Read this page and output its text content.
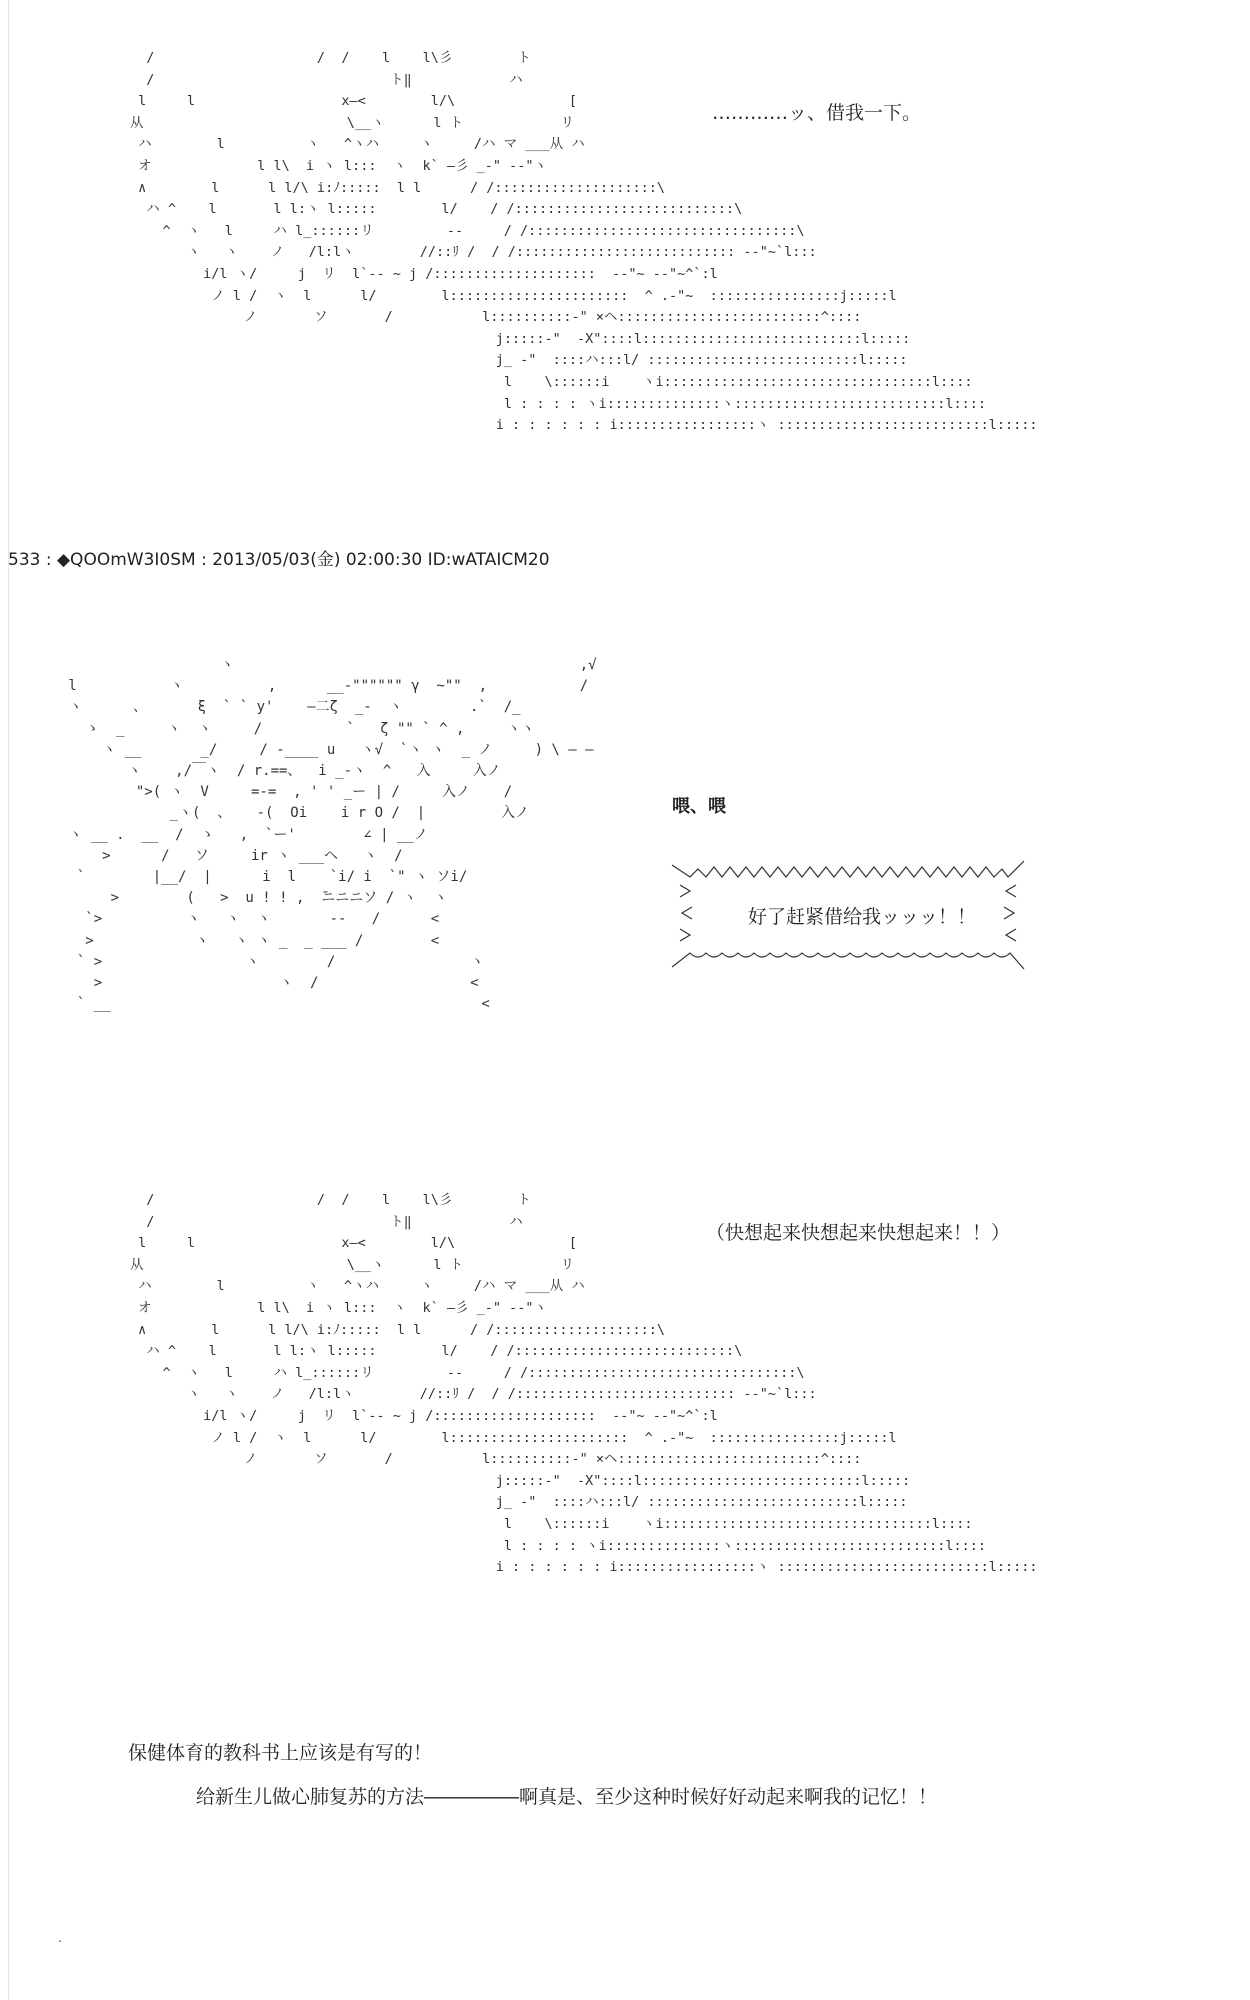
/                    /  /    l    l\彡        ト
/                             ト‖            ハ
l     l                  x―<        l/\              [
从                         \__ヽ      l ト            リ
ハ        l          ヽ   ^ヽハ     ヽ     /ハ マ ___从 ハ
オ             l l\  i ヽ l:::  ヽ  k` ―彡 _-" --"ヽ
∧        l      l l/\ i:ﾉ:::::  l l      / /::::::::::::::::::::\
ハ ^    l       l l:ヽ l:::::        l/    / /:::::::::::::::::::::::::::\
^  ヽ   l     ハ l_::::::リ         --     / /:::::::::::::::::::::::::::::::::\
ヽ   ヽ    ノ   /l:lヽ        //::ﾘ /  / /::::::::::::::::::::::::::: --"~`l:::
i/l ヽ/     j  リ  l`-- ~ j /::::::::::::::::::::  --"~ --"~^`:l
ノ l /  ヽ  l      l/        l::::::::::::::::::::::  ^ .-"~  ::::::::::::::::j:::::l
ノ       ソ       /           l::::::::::-" ×ヘ:::::::::::::::::::::::::^::::
j:::::-"  -X"::::l:::::::::::::::::::::::::::l:::::
j_ -"  ::::ハ:::l/ ::::::::::::::::::::::::::l:::::
l    \::::::i    ヽi:::::::::::::::::::::::::::::::::l::::
l : : : : ヽi::::::::::::::ヽ::::::::::::::::::::::::::l::::
i : : : : : : i:::::::::::::::::ヽ ::::::::::::::::::::::::::l:::::
…………ッ、借我一下。
533 : ◆QOOmW3I0SM : 2013/05/03(金) 02:00:30 ID:wATAICM20
ヽ                                         ,√
l           ヽ          ,      __-"""""" γ  ~""  ,           /
ヽ      、      ξ  ` ` y'    ―二ζ  _-  ヽ        .`  /_
ゝ  _     ヽ  ヽ     /          `   ζ "" ` ^ ,     ヽヽ
ヽ __       _/     / -____ u   ヽ√  `ヽ ヽ  _ ノ     ) \ ― ―
ヽ    ,/￣ヽ  / r.==、  i _-ヽ  ^   入     入ノ
">( ヽ  V     =-=  , ' ' _ー | /     入ノ    /
_ヽ(  、   -(  Oi    i r O /  |         入ノ
ヽ __ .  __  /  ゝ   ,  `ー'        ∠ | __ノ
>      /   ソ     ir ヽ ___ヘ   ヽ  /
`        |__/  |      i  l    `i/ i  `" ヽ ソi/
>        (   >  u ! ! ,  ̄ニニニソ / ヽ  ヽ
`>          ヽ   ヽ  ヽ       --   /      <
>            ヽ   ヽ ヽ _  _ ___ /        <
` >                 ヽ        /                ヽ
>                     ヽ  /                  <
` __                                            <
喂、喂
好了赶紧借给我ッッッ！！
/                    /  /    l    l\彡        ト
/                             ト‖            ハ
l     l                  x―<        l/\              [
从                         \__ヽ      l ト            リ
ハ        l          ヽ   ^ヽハ     ヽ     /ハ マ ___从 ハ
オ             l l\  i ヽ l:::  ヽ  k` ―彡 _-" --"ヽ
∧        l      l l/\ i:ﾉ:::::  l l      / /::::::::::::::::::::\
ハ ^    l       l l:ヽ l:::::        l/    / /:::::::::::::::::::::::::::\
^  ヽ   l     ハ l_::::::リ         --     / /:::::::::::::::::::::::::::::::::\
ヽ   ヽ    ノ   /l:lヽ        //::ﾘ /  / /::::::::::::::::::::::::::: --"~`l:::
i/l ヽ/     j  リ  l`-- ~ j /::::::::::::::::::::  --"~ --"~^`:l
ノ l /  ヽ  l      l/        l::::::::::::::::::::::  ^ .-"~  ::::::::::::::::j:::::l
ノ       ソ       /           l::::::::::-" ×ヘ:::::::::::::::::::::::::^::::
j:::::-"  -X"::::l:::::::::::::::::::::::::::l:::::
j_ -"  ::::ハ:::l/ ::::::::::::::::::::::::::l:::::
l    \::::::i    ヽi:::::::::::::::::::::::::::::::::l::::
l : : : : ヽi::::::::::::::ヽ::::::::::::::::::::::::::l::::
i : : : : : : i:::::::::::::::::ヽ ::::::::::::::::::::::::::l:::::
（快想起来快想起来快想起来！！）
保健体育的教科书上应该是有写的！
给新生儿做心肺复苏的方法―――――啊真是、至少这种时候好好动起来啊我的记忆！！
.
